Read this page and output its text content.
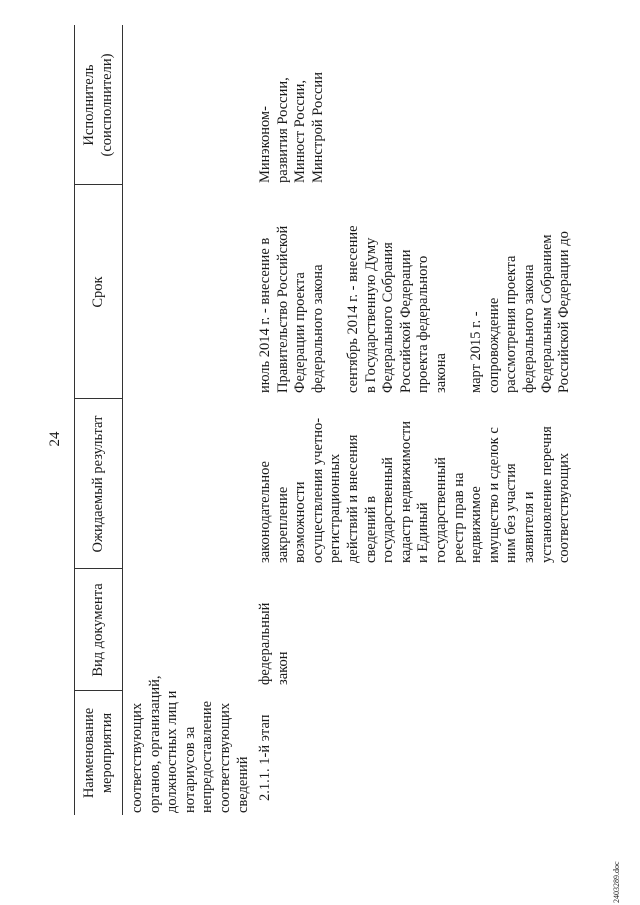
24
Наименование мероприятия
Вид документа
Ожидаемый результат
Срок
Исполнитель (соисполнители)
соответствующих органов, организаций, должностных лиц и нотариусов за непредоставление соответствующих сведений 2.1.1. 1-й этап
федеральный закон
законодательное закрепление возможности осуществления учетно- регистрационных действий и внесения сведений в государственный кадастр недвижимости и Единый государственный реестр прав на недвижимое имущество и сделок с ним без участия заявителя и установление перечня соответствующих
июль 2014 г. - внесение в Правительство Российской Федерации проекта федерального закона
сентябрь 2014 г. - внесение в Государственную Думу Федерального Собрания Российской Федерации проекта федерального закона
март 2015 г. - сопровождение рассмотрения проекта федерального закона Федеральным Собранием Российской Федерации до
Минэконом- развития России, Минюст России, Минстрой России
2403289.doc
